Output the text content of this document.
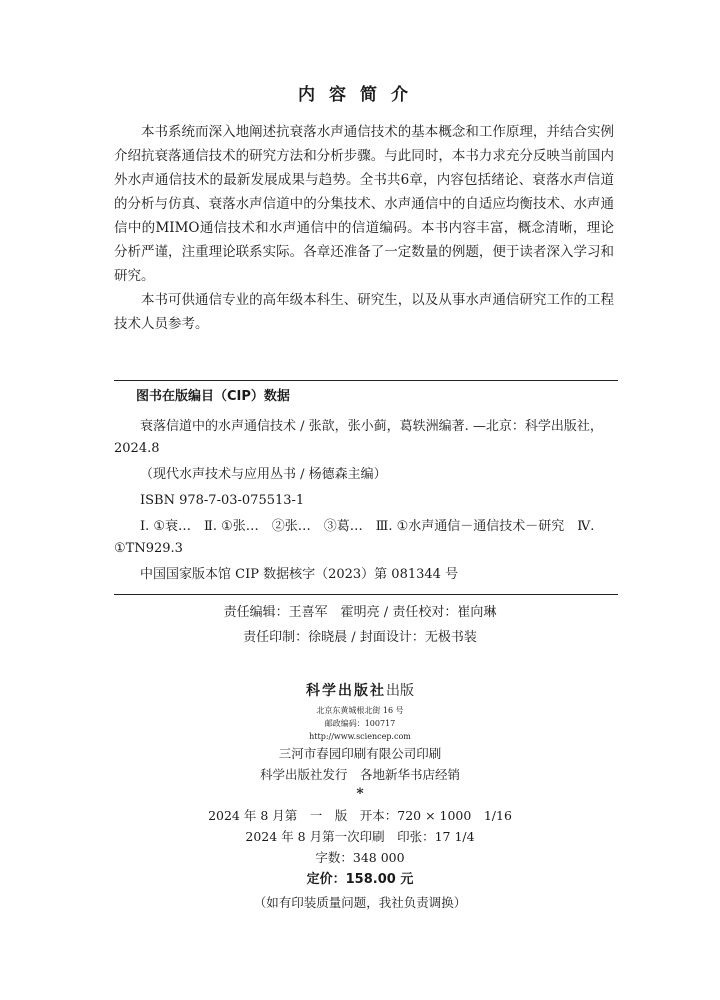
内容简介

本书系统而深入地阐述抗衰落水声通信技术的基本概念和工作原理，并结合实例介绍抗衰落通信技术的研究方法和分析步骤。与此同时，本书力求充分反映当前国内外水声通信技术的最新发展成果与趋势。全书共6章，内容包括绪论、衰落水声信道的分析与仿真、衰落水声信道中的分集技术、水声通信中的自适应均衡技术、水声通信中的MIMO通信技术和水声通信中的信道编码。本书内容丰富，概念清晰，理论分析严谨，注重理论联系实际。各章还准备了一定数量的例题，便于读者深入学习和研究。

本书可供通信专业的高年级本科生、研究生，以及从事水声通信研究工作的工程技术人员参考。

图书在版编目（CIP）数据

衰落信道中的水声通信技术 / 张歆，张小蓟，葛轶洲编著. —北京：科学出版社，2024.8

（现代水声技术与应用丛书 / 杨德森主编）

ISBN 978-7-03-075513-1

Ⅰ. ①衰…　Ⅱ. ①张…　②张…　③葛…　Ⅲ. ①水声通信－通信技术－研究　Ⅳ. ①TN929.3

中国国家版本馆 CIP 数据核字（2023）第 081344 号

责任编辑：王喜军　霍明亮 / 责任校对：崔向琳
责任印制：徐晓晨 / 封面设计：无极书装
科学出版社出版
北京东黄城根北街 16 号
邮政编码：100717
http://www.sciencep.com
三河市春园印刷有限公司印刷
科学出版社发行　各地新华书店经销
*
2024 年 8 月第　一　版　开本：720 × 1000　1/16
2024 年 8 月第一次印刷　印张：17 1/4
字数：348 000
定价：158.00 元
（如有印装质量问题，我社负责调换）
